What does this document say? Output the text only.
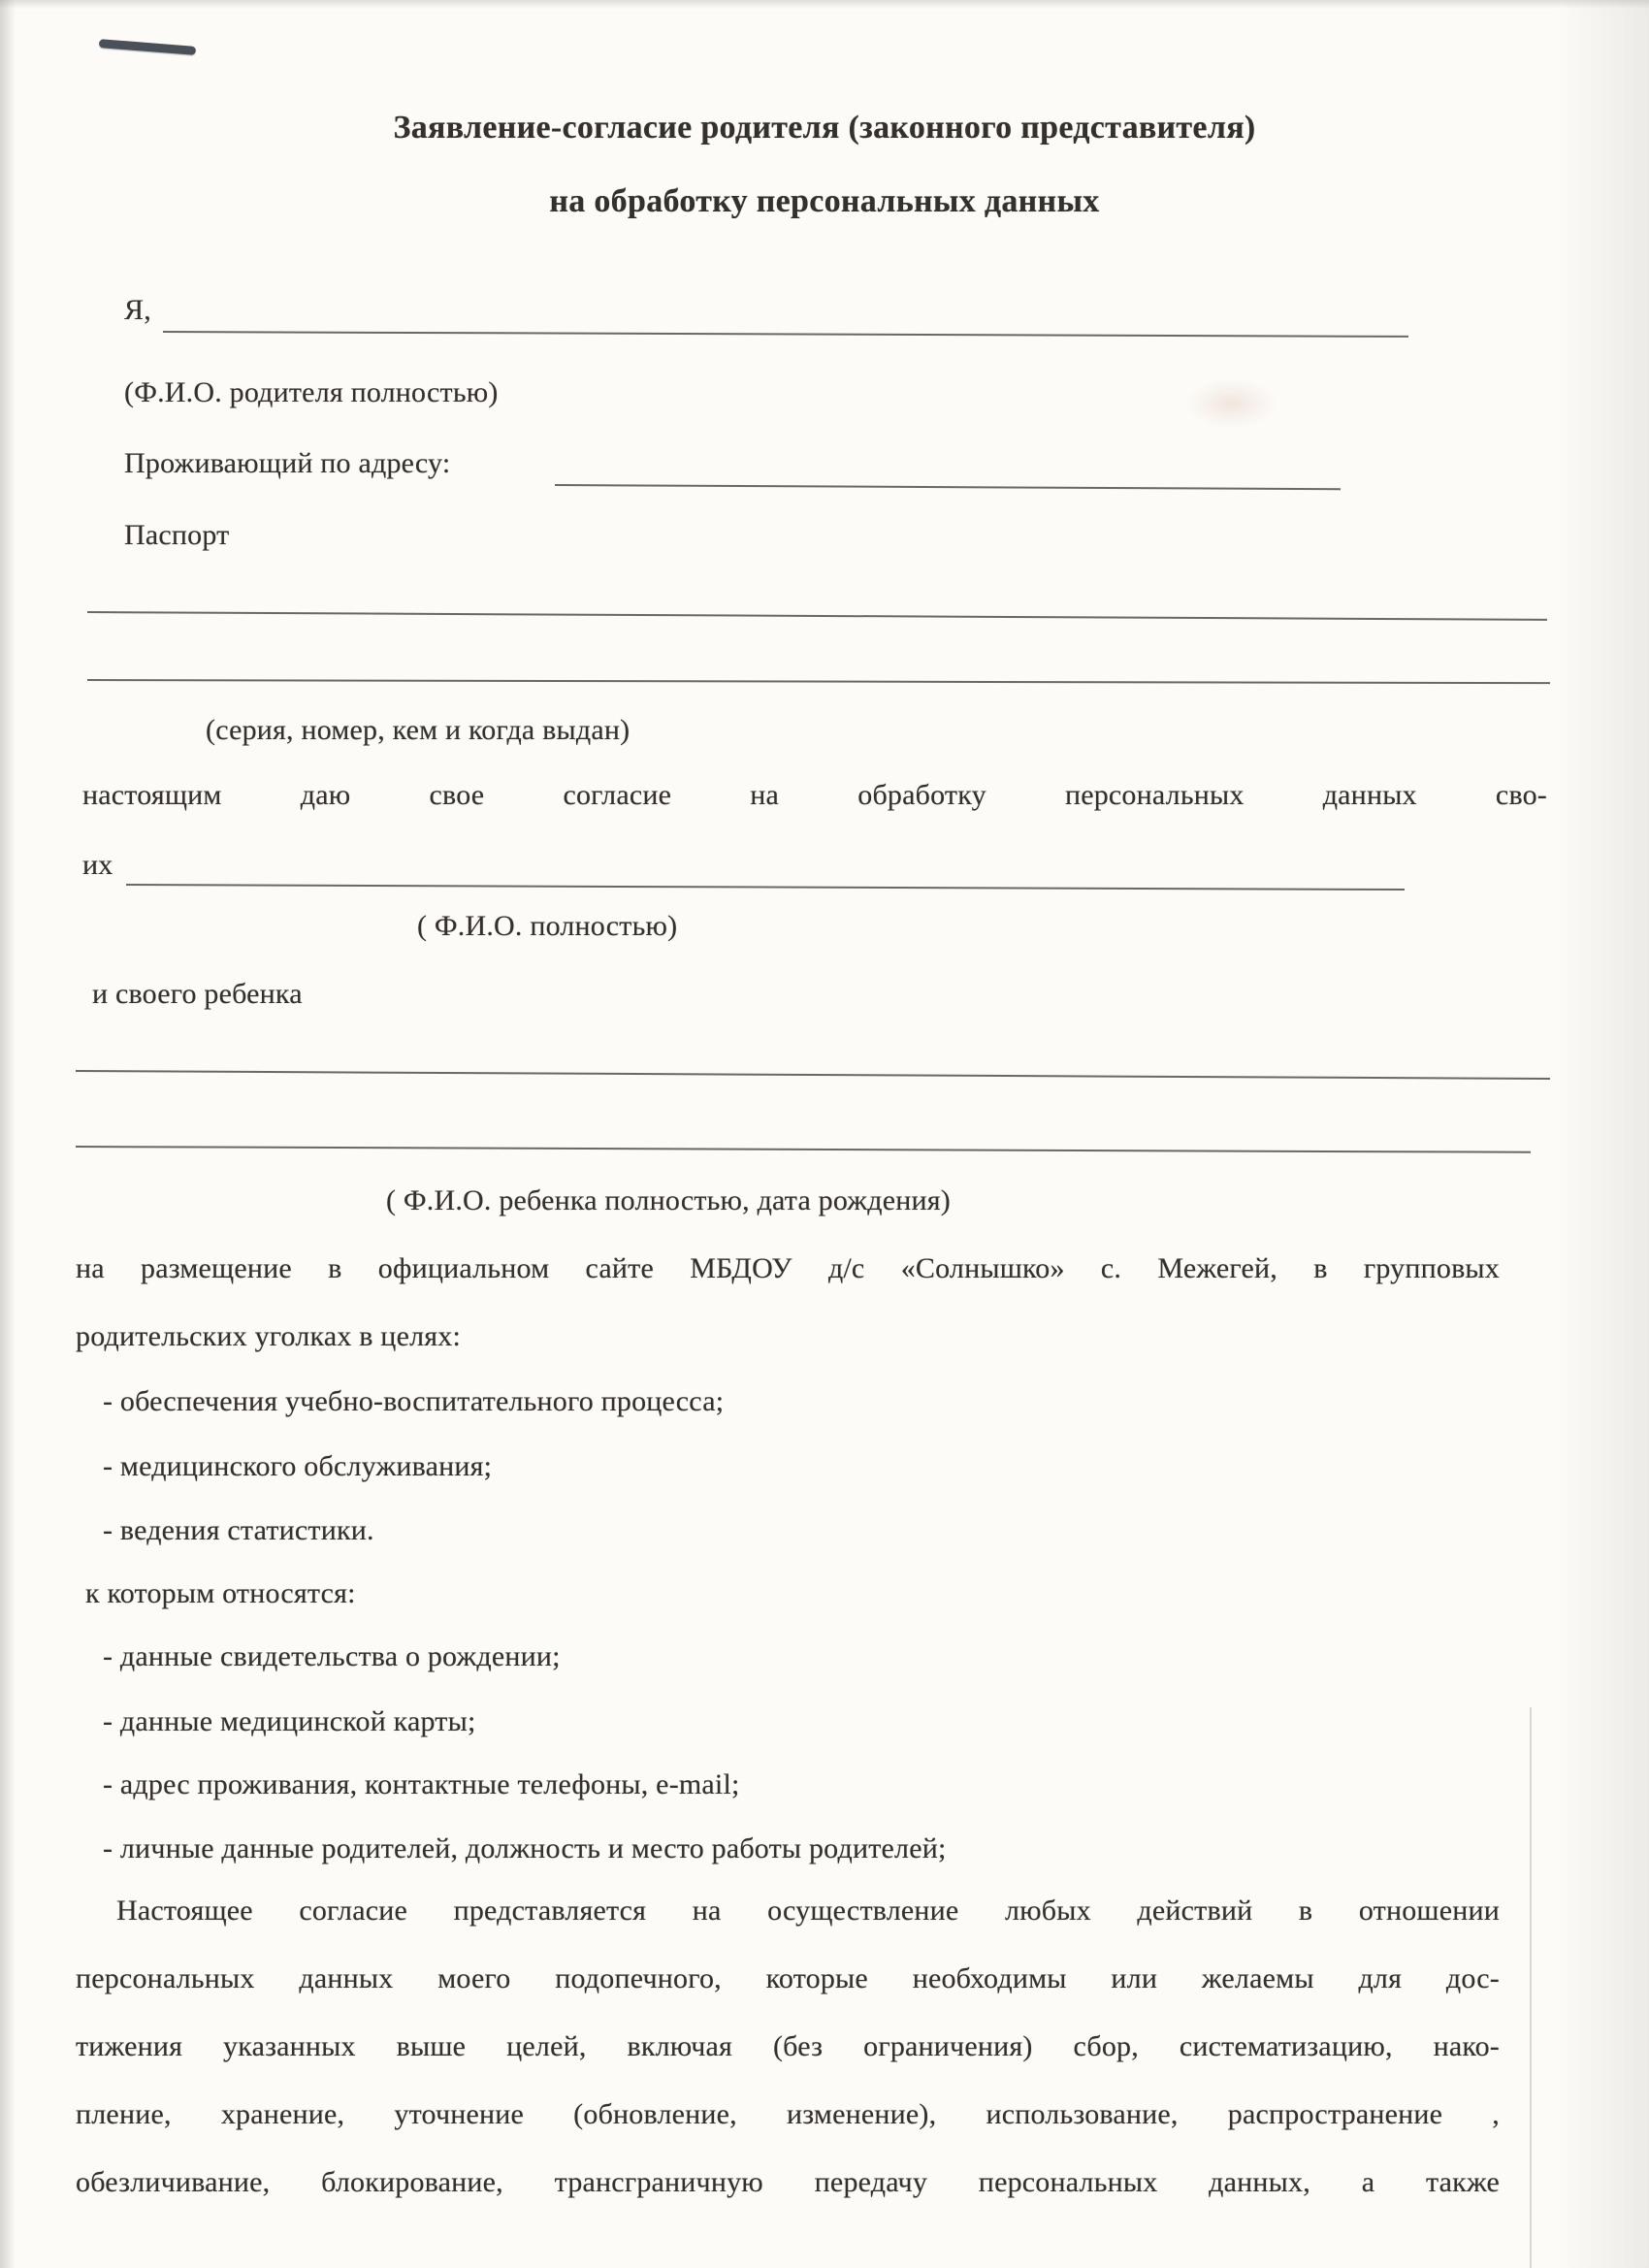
Заявление-согласие родителя (законного представителя)
на обработку персональных данных
Я,
(Ф.И.О. родителя полностью)
Проживающий по адресу:
Паспорт
(серия, номер, кем и когда выдан)
настоящим даю свое согласие на обработку персональных данных сво-
их
( Ф.И.О. полностью)
и своего ребенка
( Ф.И.О. ребенка полностью, дата рождения)
на размещение в официальном сайте МБДОУ д/с «Солнышко» с. Межегей, в групповых
родительских уголках в целях:
- обеспечения учебно-воспитательного процесса;
- медицинского обслуживания;
- ведения статистики.
к которым относятся:
- данные свидетельства о рождении;
- данные медицинской карты;
- адрес проживания, контактные телефоны, e-mail;
- личные данные родителей, должность и место работы родителей;
Настоящее согласие представляется на осуществление любых действий в отношении
персональных данных моего подопечного, которые необходимы или желаемы для дос-
тижения указанных выше целей, включая (без ограничения) сбор, систематизацию, нако-
пление, хранение, уточнение (обновление, изменение), использование, распространение ,
обезличивание, блокирование, трансграничную передачу персональных данных, а также
